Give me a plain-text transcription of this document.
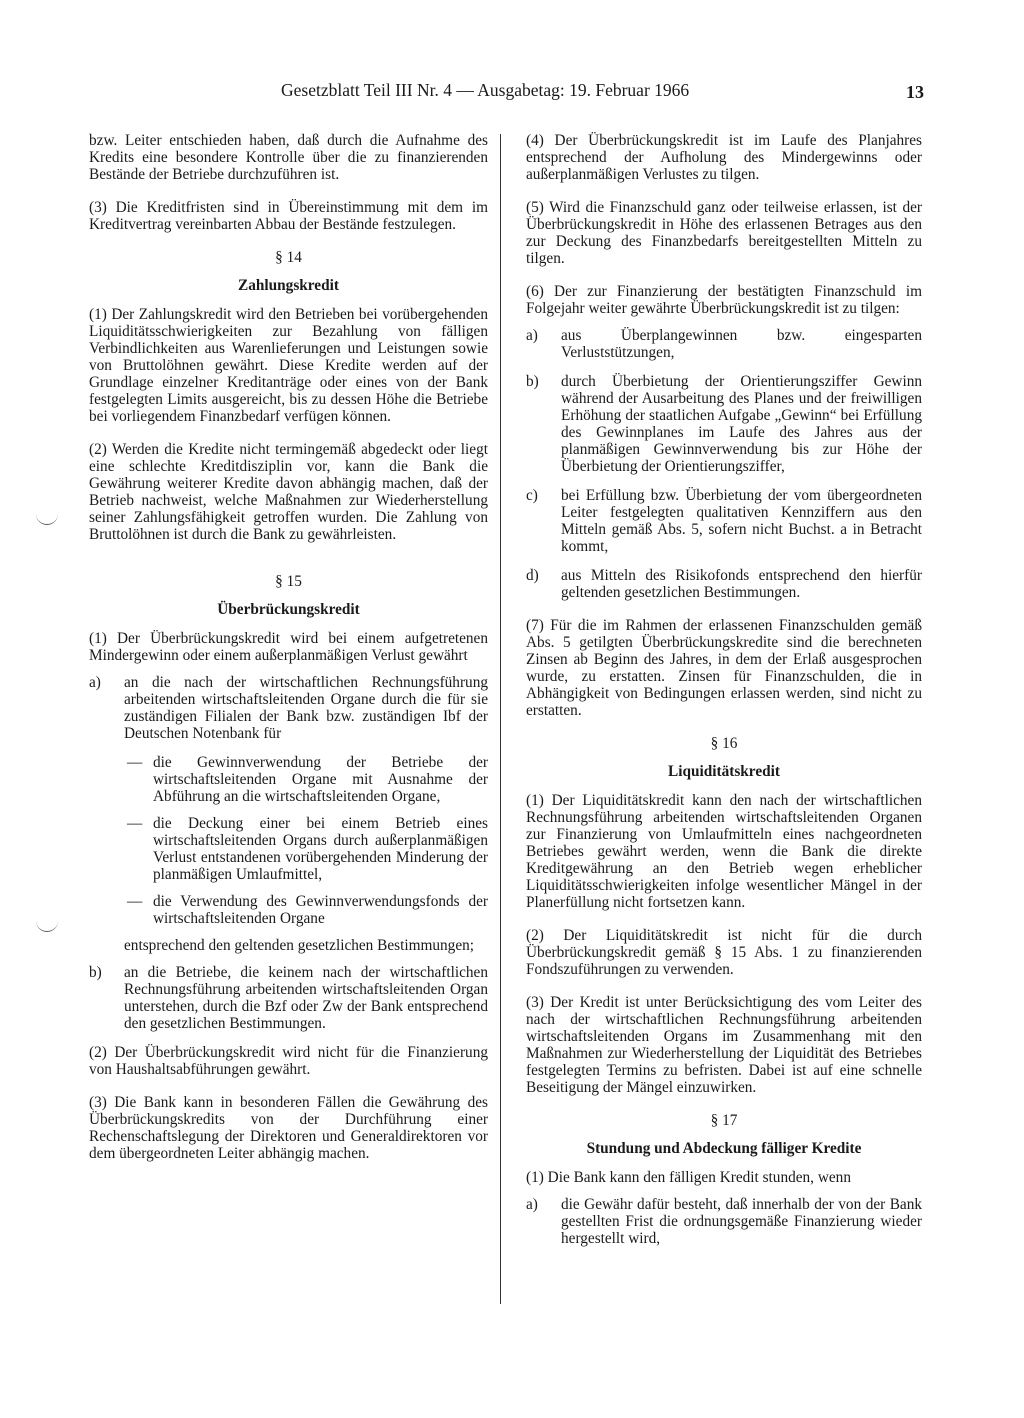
Gesetzblatt Teil III Nr. 4 — Ausgabetag: 19. Februar 1966	13

bzw. Leiter entschieden haben, daß durch die Aufnahme des Kredits eine besondere Kontrolle über die zu finanzierenden Bestände der Betriebe durchzuführen ist.

(3) Die Kreditfristen sind in Übereinstimmung mit dem im Kreditvertrag vereinbarten Abbau der Bestände festzulegen.

§ 14
Zahlungskredit

(1) Der Zahlungskredit wird den Betrieben bei vorübergehenden Liquiditätsschwierigkeiten zur Bezahlung von fälligen Verbindlichkeiten aus Warenlieferungen und Leistungen sowie von Bruttolöhnen gewährt. Diese Kredite werden auf der Grundlage einzelner Kreditanträge oder eines von der Bank festgelegten Limits ausgereicht, bis zu dessen Höhe die Betriebe bei vorliegendem Finanzbedarf verfügen können.

(2) Werden die Kredite nicht termingemäß abgedeckt oder liegt eine schlechte Kreditdisziplin vor, kann die Bank die Gewährung weiterer Kredite davon abhängig machen, daß der Betrieb nachweist, welche Maßnahmen zur Wiederherstellung seiner Zahlungsfähigkeit getroffen wurden. Die Zahlung von Bruttolöhnen ist durch die Bank zu gewährleisten.

§ 15
Überbrückungskredit

(1) Der Überbrückungskredit wird bei einem aufgetretenen Mindergewinn oder einem außerplanmäßigen Verlust gewährt

a) an die nach der wirtschaftlichen Rechnungsführung arbeitenden wirtschaftsleitenden Organe durch die für sie zuständigen Filialen der Bank bzw. zuständigen Ibf der Deutschen Notenbank für
— die Gewinnverwendung der Betriebe der wirtschaftsleitenden Organe mit Ausnahme der Abführung an die wirtschaftsleitenden Organe,
— die Deckung einer bei einem Betrieb eines wirtschaftsleitenden Organs durch außerplanmäßigen Verlust entstandenen vorübergehenden Minderung der planmäßigen Umlaufmittel,
— die Verwendung des Gewinnverwendungsfonds der wirtschaftsleitenden Organe
entsprechend den geltenden gesetzlichen Bestimmungen;
b) an die Betriebe, die keinem nach der wirtschaftlichen Rechnungsführung arbeitenden wirtschaftsleitenden Organ unterstehen, durch die Bzf oder Zw der Bank entsprechend den gesetzlichen Bestimmungen.

(2) Der Überbrückungskredit wird nicht für die Finanzierung von Haushaltsabführungen gewährt.

(3) Die Bank kann in besonderen Fällen die Gewährung des Überbrückungskredits von der Durchführung einer Rechenschaftslegung der Direktoren und Generaldirektoren vor dem übergeordneten Leiter abhängig machen.

(4) Der Überbrückungskredit ist im Laufe des Planjahres entsprechend der Aufholung des Mindergewinns oder außerplanmäßigen Verlustes zu tilgen.

(5) Wird die Finanzschuld ganz oder teilweise erlassen, ist der Überbrückungskredit in Höhe des erlassenen Betrages aus den zur Deckung des Finanzbedarfs bereitgestellten Mitteln zu tilgen.

(6) Der zur Finanzierung der bestätigten Finanzschuld im Folgejahr weiter gewährte Überbrückungskredit ist zu tilgen:

a) aus Überplangewinnen bzw. eingesparten Verluststützungen,
b) durch Überbietung der Orientierungsziffer Gewinn während der Ausarbeitung des Planes und der freiwilligen Erhöhung der staatlichen Aufgabe „Gewinn“ bei Erfüllung des Gewinnplanes im Laufe des Jahres aus der planmäßigen Gewinnverwendung bis zur Höhe der Überbietung der Orientierungsziffer,
c) bei Erfüllung bzw. Überbietung der vom übergeordneten Leiter festgelegten qualitativen Kennziffern aus den Mitteln gemäß Abs. 5, sofern nicht Buchst. a in Betracht kommt,
d) aus Mitteln des Risikofonds entsprechend den hierfür geltenden gesetzlichen Bestimmungen.

(7) Für die im Rahmen der erlassenen Finanzschulden gemäß Abs. 5 getilgten Überbrückungskredite sind die berechneten Zinsen ab Beginn des Jahres, in dem der Erlaß ausgesprochen wurde, zu erstatten. Zinsen für Finanzschulden, die in Abhängigkeit von Bedingungen erlassen werden, sind nicht zu erstatten.

§ 16
Liquiditätskredit

(1) Der Liquiditätskredit kann den nach der wirtschaftlichen Rechnungsführung arbeitenden wirtschaftsleitenden Organen zur Finanzierung von Umlaufmitteln eines nachgeordneten Betriebes gewährt werden, wenn die Bank die direkte Kreditgewährung an den Betrieb wegen erheblicher Liquiditätsschwierigkeiten infolge wesentlicher Mängel in der Planerfüllung nicht fortsetzen kann.

(2) Der Liquiditätskredit ist nicht für die durch Überbrückungskredit gemäß § 15 Abs. 1 zu finanzierenden Fondszuführungen zu verwenden.

(3) Der Kredit ist unter Berücksichtigung des vom Leiter des nach der wirtschaftlichen Rechnungsführung arbeitenden wirtschaftsleitenden Organs im Zusammenhang mit den Maßnahmen zur Wiederherstellung der Liquidität des Betriebes festgelegten Termins zu befristen. Dabei ist auf eine schnelle Beseitigung der Mängel einzuwirken.

§ 17
Stundung und Abdeckung fälliger Kredite

(1) Die Bank kann den fälligen Kredit stunden, wenn

a) die Gewähr dafür besteht, daß innerhalb der von der Bank gestellten Frist die ordnungsgemäße Finanzierung wieder hergestellt wird,
